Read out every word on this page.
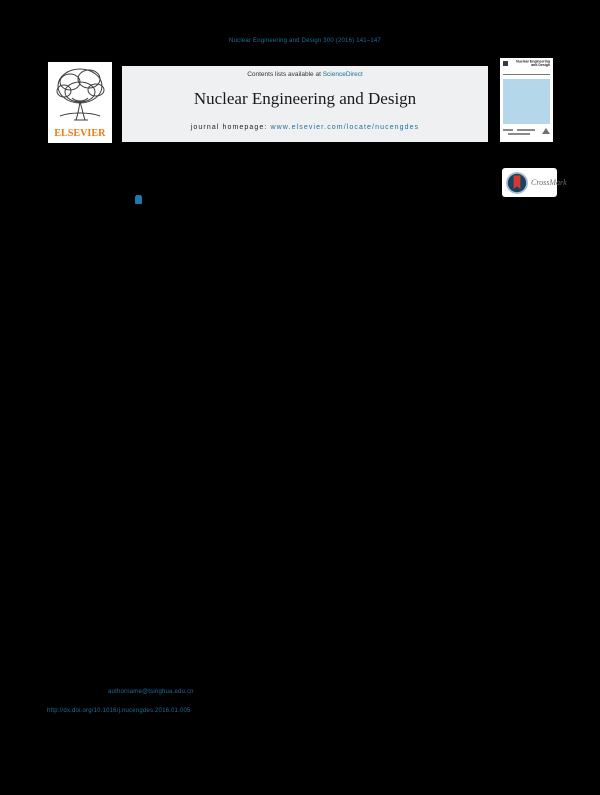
Nuclear Engineering and Design 300 (2016) 141–147
ELSEVIER
Contents lists available at ScienceDirect
Nuclear Engineering and Design
journal homepage: www.elsevier.com/locate/nucengdes
Nuclear Engineering
and Design
CrossMark
authorname@tsinghua.edu.cn
http://dx.doi.org/10.1016/j.nucengdes.2016.01.005
